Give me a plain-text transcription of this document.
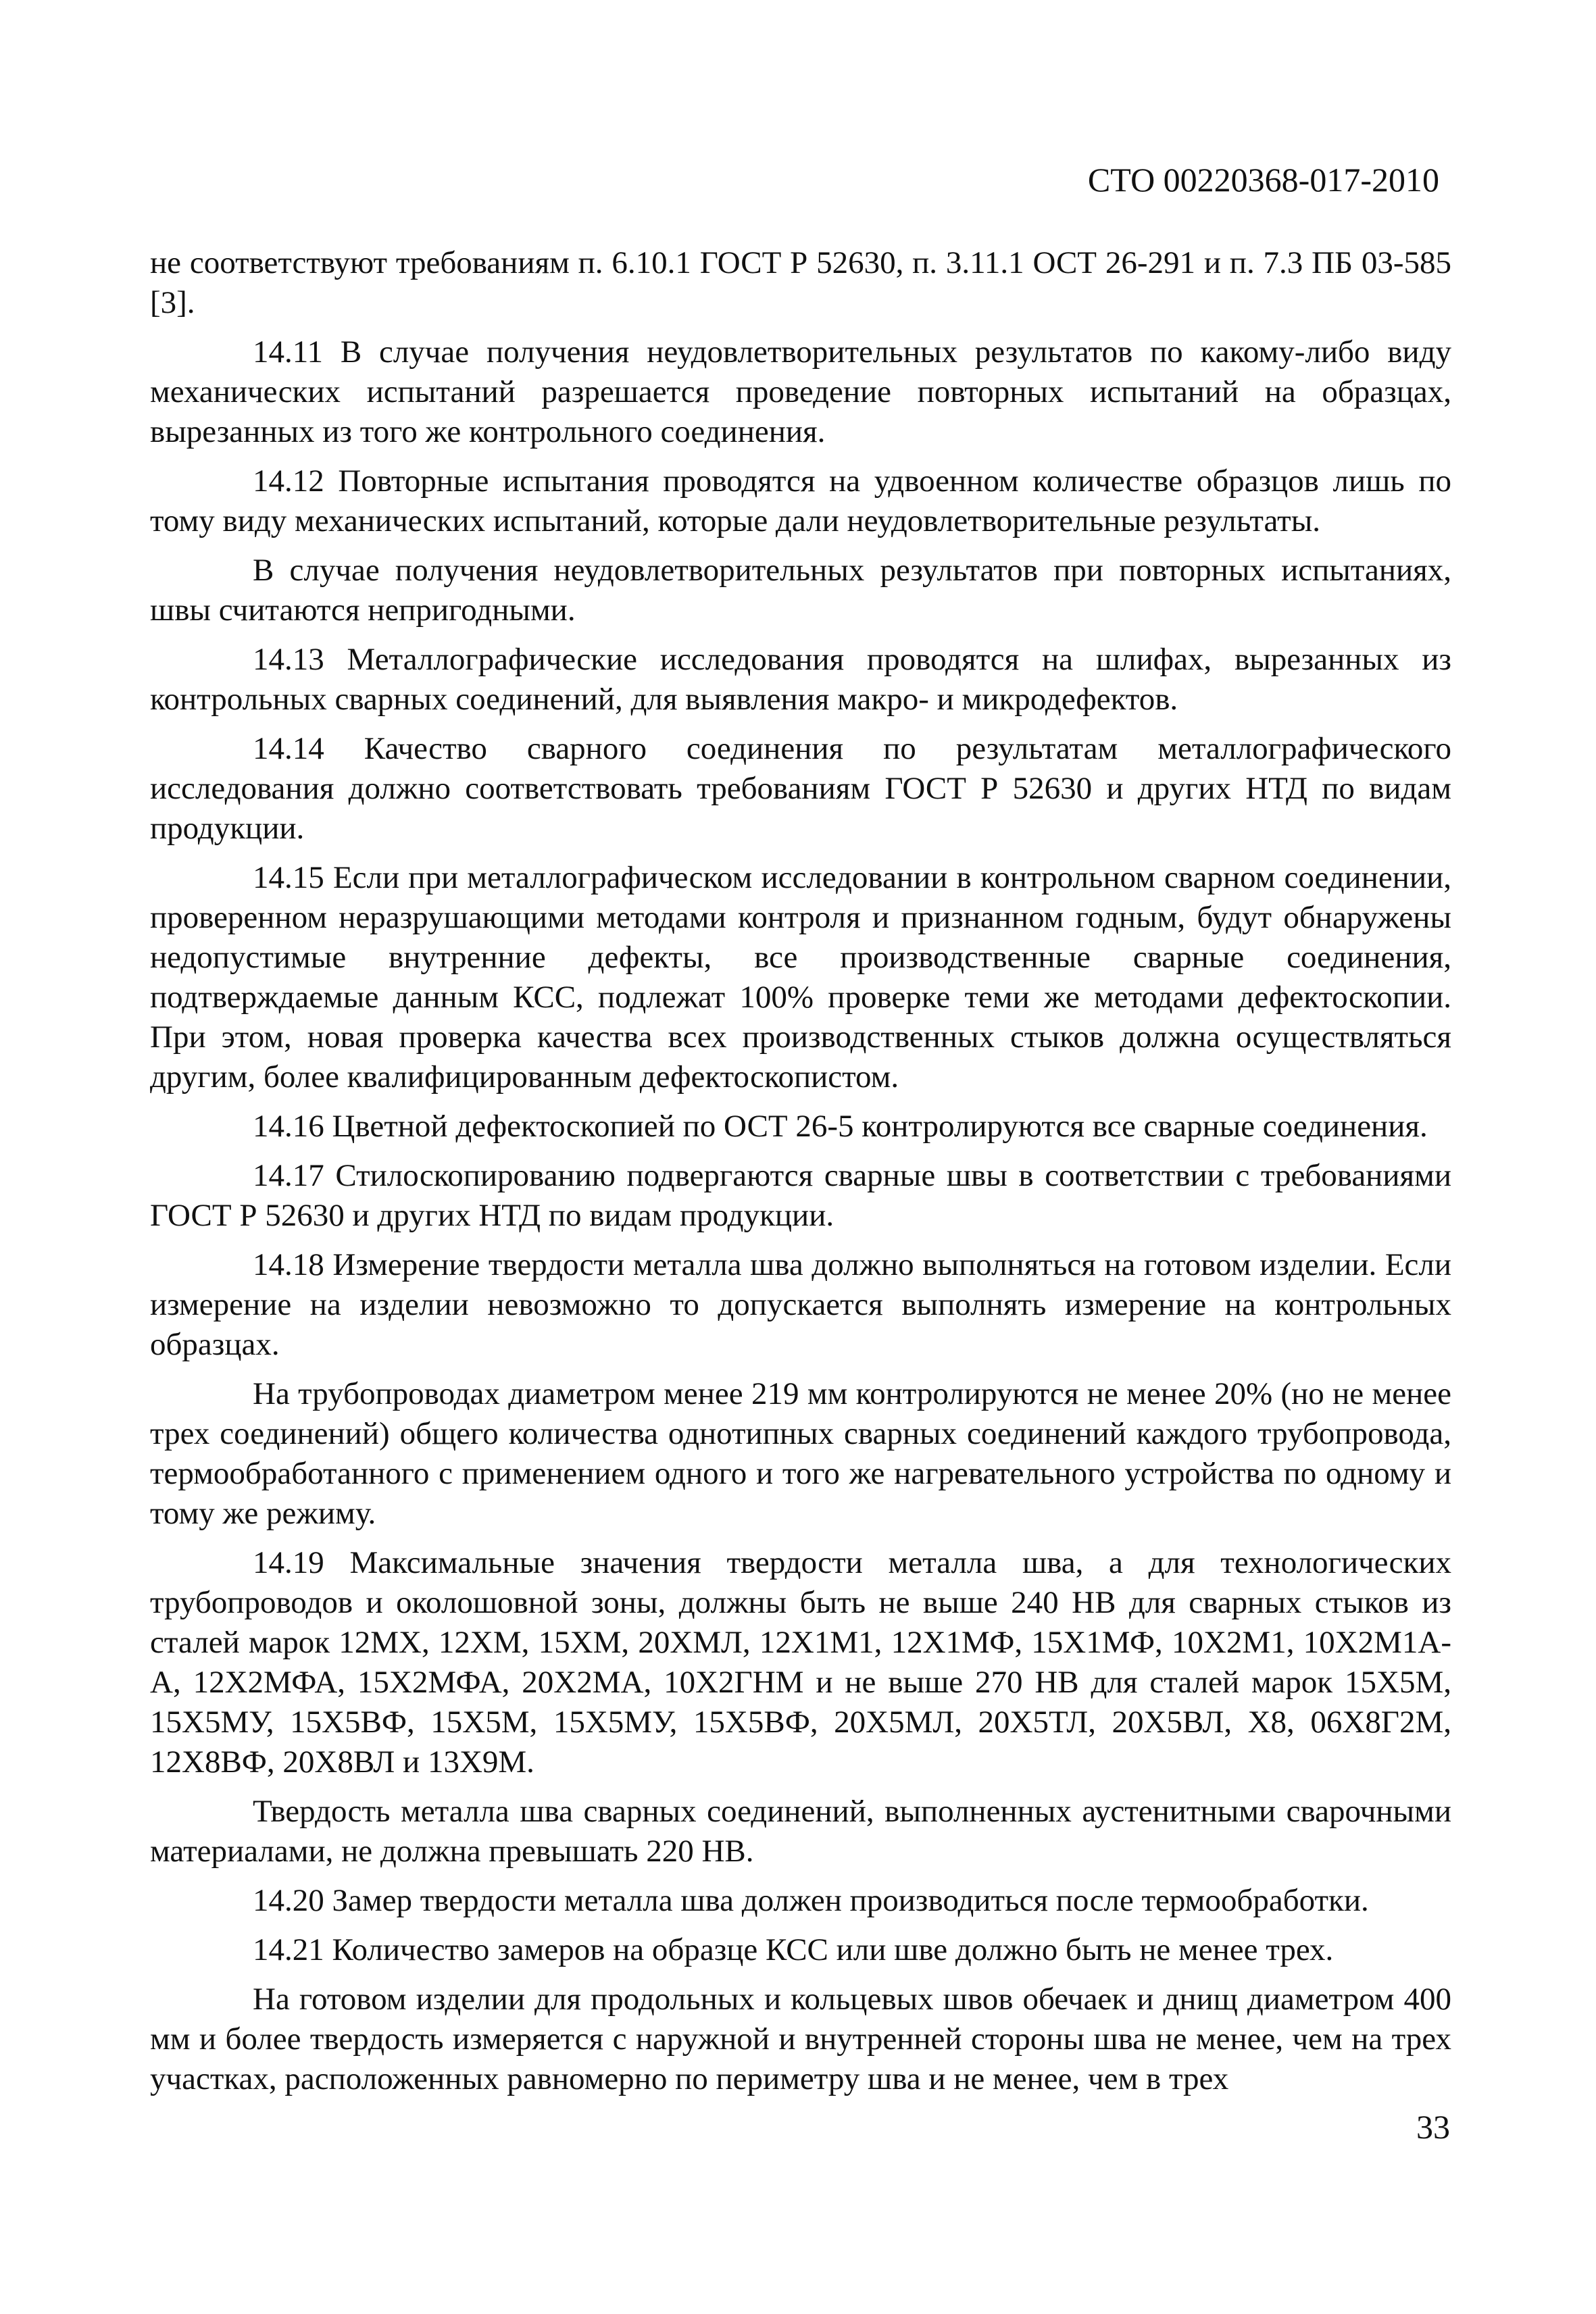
СТО 00220368-017-2010

не соответствуют требованиям п. 6.10.1 ГОСТ Р 52630, п. 3.11.1 ОСТ 26-291 и п. 7.3 ПБ 03-585 [3].

14.11 В случае получения неудовлетворительных результатов по какому-либо виду механических испытаний разрешается проведение повторных испытаний на образцах, вырезанных из того же контрольного соединения.

14.12 Повторные испытания проводятся на удвоенном количестве образцов лишь по тому виду механических испытаний, которые дали неудовлетворительные результаты.

В случае получения неудовлетворительных результатов при повторных испытаниях, швы считаются непригодными.

14.13 Металлографические исследования проводятся на шлифах, вырезанных из контрольных сварных соединений, для выявления макро- и микродефектов.

14.14 Качество сварного соединения по результатам металлографического исследования должно соответствовать требованиям ГОСТ Р 52630 и других НТД по видам продукции.

14.15 Если при металлографическом исследовании в контрольном сварном соединении, проверенном неразрушающими методами контроля и признанном годным, будут обнаружены недопустимые внутренние дефекты, все производственные сварные соединения, подтверждаемые данным КСС, подлежат 100% проверке теми же методами дефектоскопии. При этом, новая проверка качества всех производственных стыков должна осуществляться другим, более квалифицированным дефектоскопистом.

14.16 Цветной дефектоскопией по ОСТ 26-5 контролируются все сварные соединения.

14.17 Стилоскопированию подвергаются сварные швы в соответствии с требованиями ГОСТ Р 52630 и других НТД по видам продукции.

14.18 Измерение твердости металла шва должно выполняться на готовом изделии. Если измерение на изделии невозможно то допускается выполнять измерение на контрольных образцах.

На трубопроводах диаметром менее 219 мм контролируются не менее 20% (но не менее трех соединений) общего количества однотипных сварных соединений каждого трубопровода, термообработанного с применением одного и того же нагревательного устройства по одному и тому же режиму.

14.19 Максимальные значения твердости металла шва, а для технологических трубопроводов и околошовной зоны, должны быть не выше 240 НВ для сварных стыков из сталей марок 12МХ, 12ХМ, 15ХМ, 20ХМЛ, 12Х1М1, 12Х1МФ, 15Х1МФ, 10Х2М1, 10Х2М1А-А, 12Х2МФА, 15Х2МФА, 20Х2МА, 10Х2ГНМ и не выше 270 НВ для сталей марок 15Х5М, 15Х5МУ, 15Х5ВФ, 15Х5М, 15Х5МУ, 15Х5ВФ, 20Х5МЛ, 20Х5ТЛ, 20Х5ВЛ, Х8, 06Х8Г2М, 12Х8ВФ, 20Х8ВЛ и 13Х9М.

Твердость металла шва сварных соединений, выполненных аустенитными сварочными материалами, не должна превышать 220 НВ.

14.20 Замер твердости металла шва должен производиться после термообработки.

14.21 Количество замеров на образце КСС или шве должно быть не менее трех.

На готовом изделии для продольных и кольцевых швов обечаек и днищ диаметром 400 мм и более твердость измеряется с наружной и внутренней стороны шва не менее, чем на трех участках, расположенных равномерно по периметру шва и не менее, чем в трех

33
